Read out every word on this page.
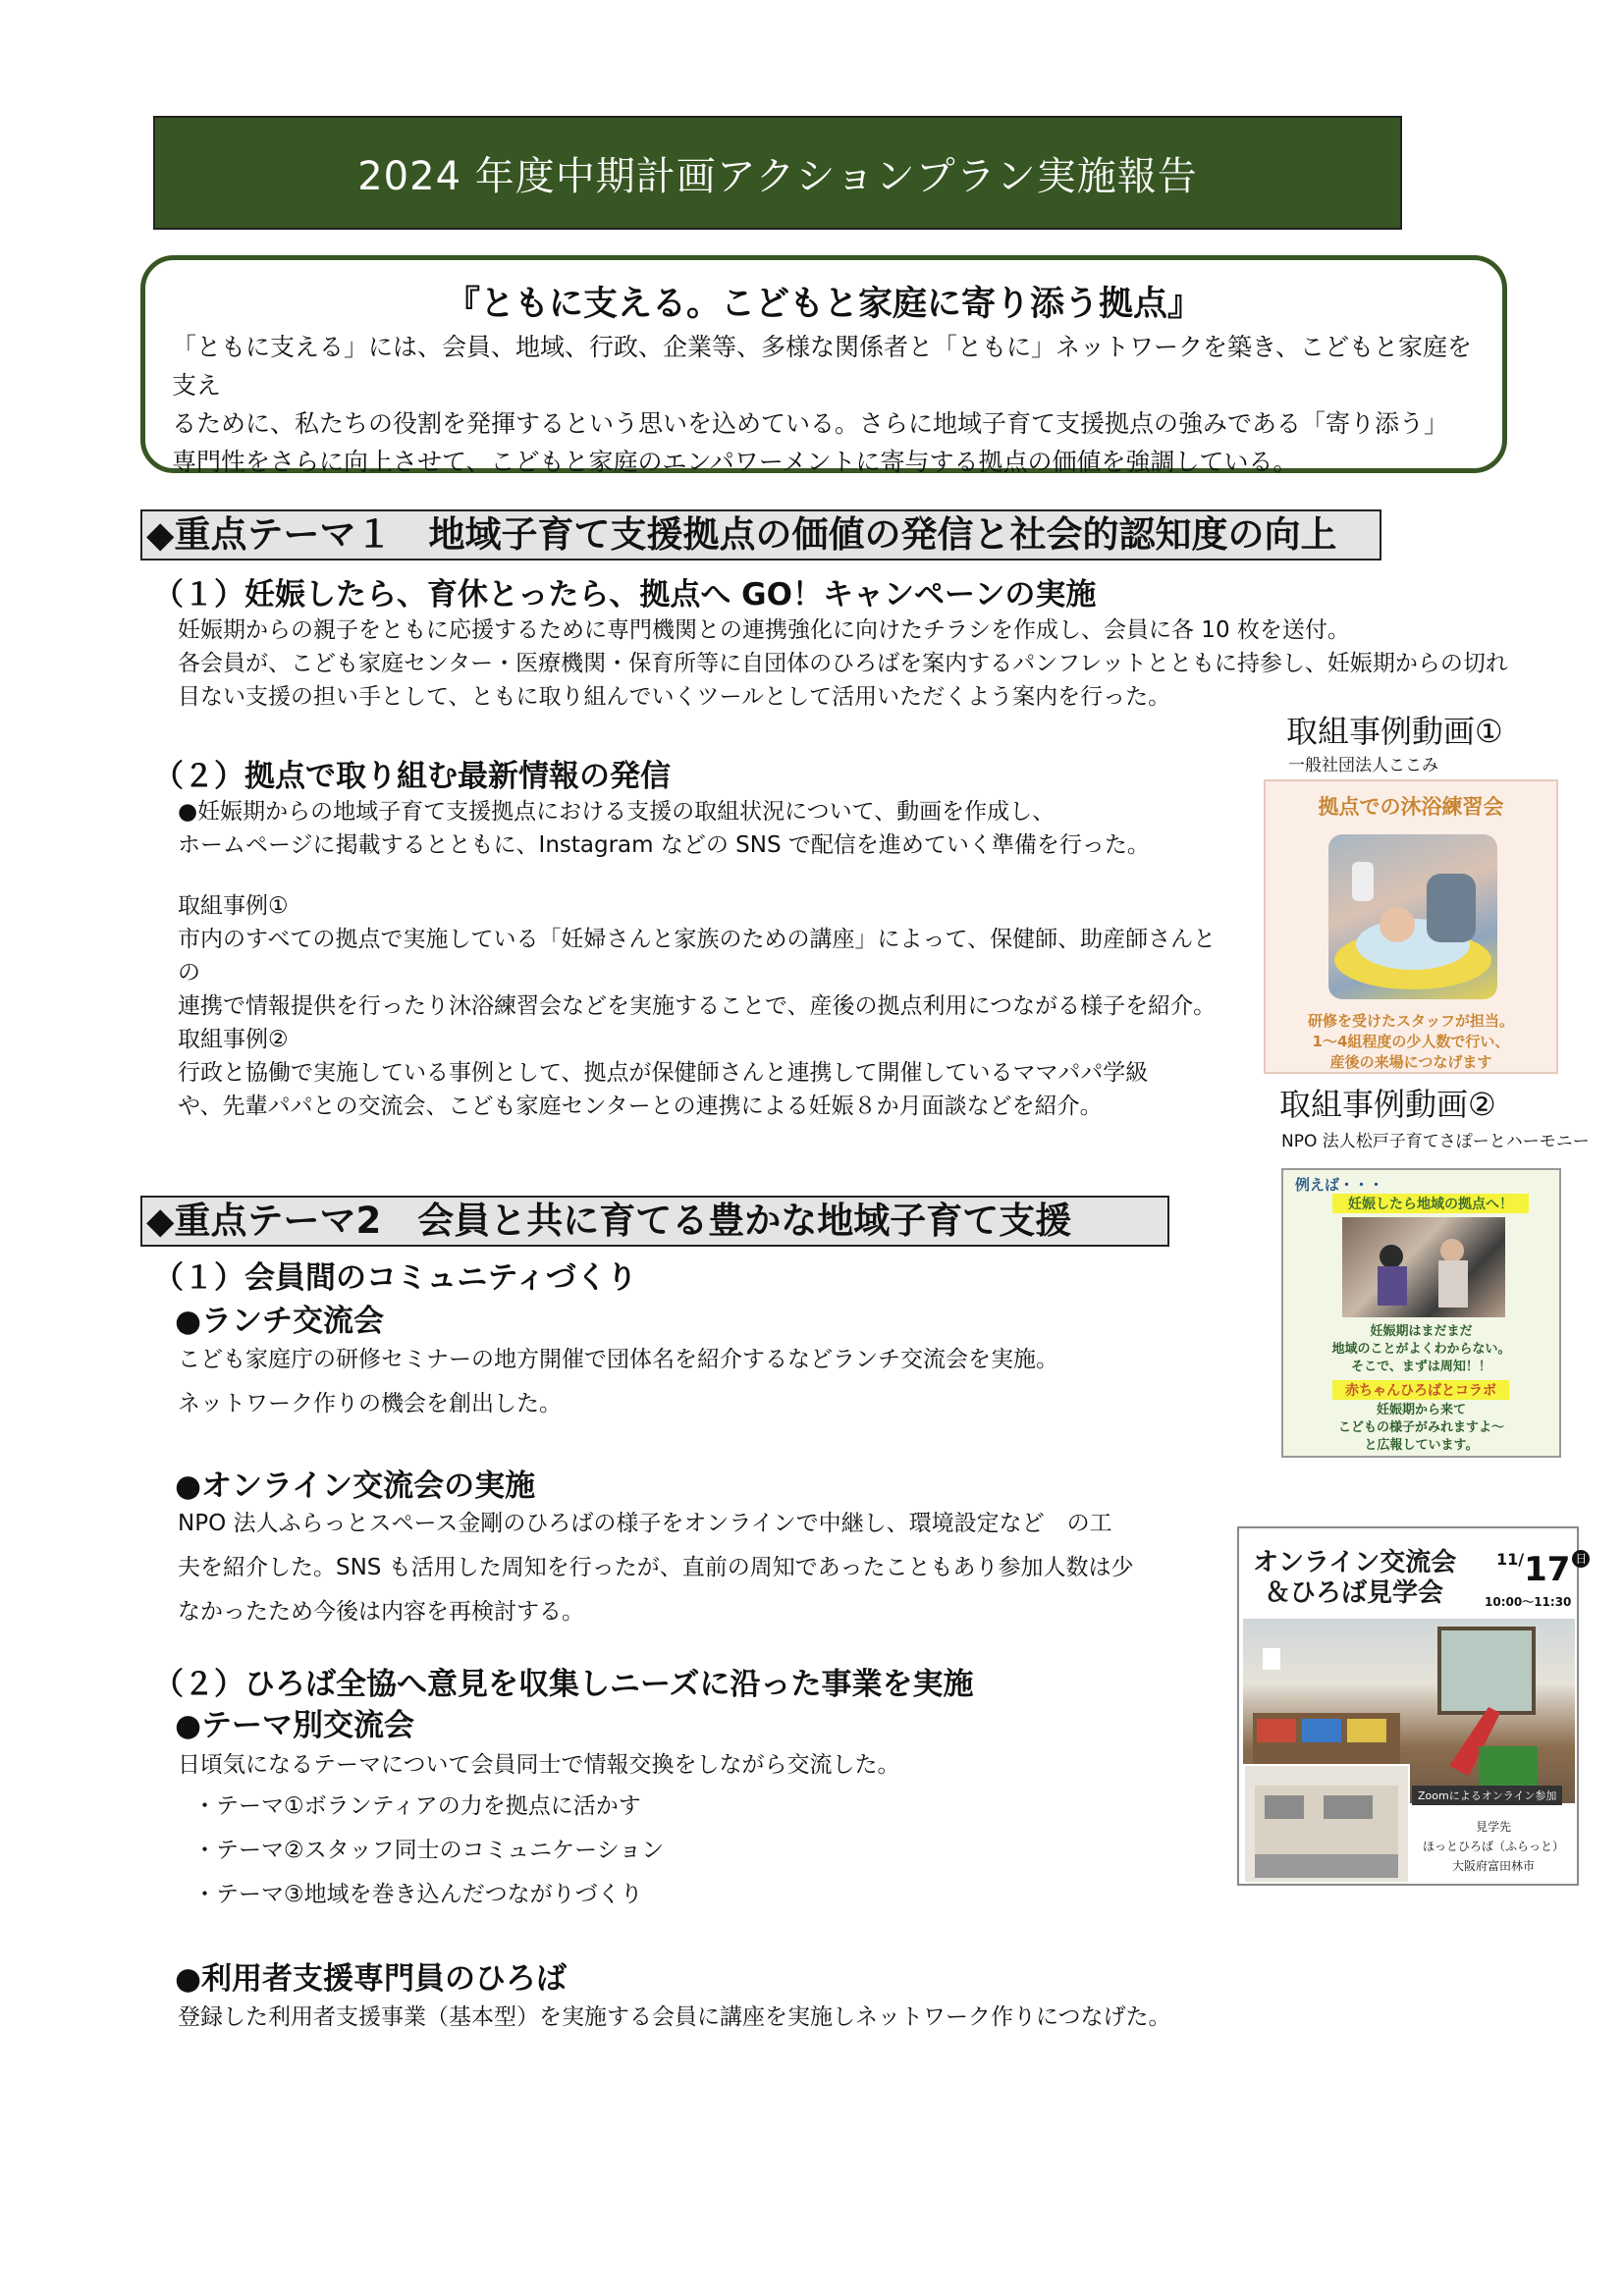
2024 年度中期計画アクションプラン実施報告
『ともに支える。こどもと家庭に寄り添う拠点』
「ともに支える」には、会員、地域、行政、企業等、多様な関係者と「ともに」ネットワークを築き、こどもと家庭を支え
るために、私たちの役割を発揮するという思いを込めている。さらに地域子育て支援拠点の強みである「寄り添う」
専門性をさらに向上させて、こどもと家庭のエンパワーメントに寄与する拠点の価値を強調している。
◆重点テーマ１　地域子育て支援拠点の価値の発信と社会的認知度の向上
（１）妊娠したら、育休とったら、拠点へ GO！キャンペーンの実施
妊娠期からの親子をともに応援するために専門機関との連携強化に向けたチラシを作成し、会員に各 10 枚を送付。
各会員が、こども家庭センター・医療機関・保育所等に自団体のひろばを案内するパンフレットとともに持参し、妊娠期からの切れ
目ない支援の担い手として、ともに取り組んでいくツールとして活用いただくよう案内を行った。
（２）拠点で取り組む最新情報の発信
●妊娠期からの地域子育て支援拠点における支援の取組状況について、動画を作成し、
ホームページに掲載するとともに、Instagram などの SNS で配信を進めていく準備を行った。
取組事例①
市内のすべての拠点で実施している「妊婦さんと家族のための講座」によって、保健師、助産師さんとの
連携で情報提供を行ったり沐浴練習会などを実施することで、産後の拠点利用につながる様子を紹介。
取組事例②
行政と協働で実施している事例として、拠点が保健師さんと連携して開催しているママパパ学級
や、先輩パパとの交流会、こども家庭センターとの連携による妊娠８か月面談などを紹介。
取組事例動画①
一般社団法人ここみ
拠点での沐浴練習会
研修を受けたスタッフが担当。
1～4組程度の少人数で行い、
産後の来場につなげます
取組事例動画②
NPO 法人松戸子育てさぽーとハーモニー
例えば・・・
妊娠したら地域の拠点へ！
妊娠期はまだまだ
地域のことがよくわからない。
そこで、まずは周知！！
赤ちゃんひろばとコラボ
妊娠期から来て
こどもの様子がみれますよ～
と広報しています。
◆重点テーマ2　会員と共に育てる豊かな地域子育て支援
（１）会員間のコミュニティづくり
●ランチ交流会
こども家庭庁の研修セミナーの地方開催で団体名を紹介するなどランチ交流会を実施。
ネットワーク作りの機会を創出した。
●オンライン交流会の実施
NPO 法人ふらっとスペース金剛のひろばの様子をオンラインで中継し、環境設定など　の工
夫を紹介した。SNS も活用した周知を行ったが、直前の周知であったこともあり参加人数は少
なかったため今後は内容を再検討する。
（２）ひろば全協へ意見を収集しニーズに沿った事業を実施
●テーマ別交流会
日頃気になるテーマについて会員同士で情報交換をしながら交流した。
・テーマ①ボランティアの力を拠点に活かす
・テーマ②スタッフ同士のコミュニケーション
・テーマ③地域を巻き込んだつながりづくり
●利用者支援専門員のひろば
登録した利用者支援事業（基本型）を実施する会員に講座を実施しネットワーク作りにつなげた。
オンライン交流会
＆ひろば見学会
11/17 日
10:00～11:30
Zoomによるオンライン参加
見学先
ほっとひろば（ふらっと）
大阪府富田林市
